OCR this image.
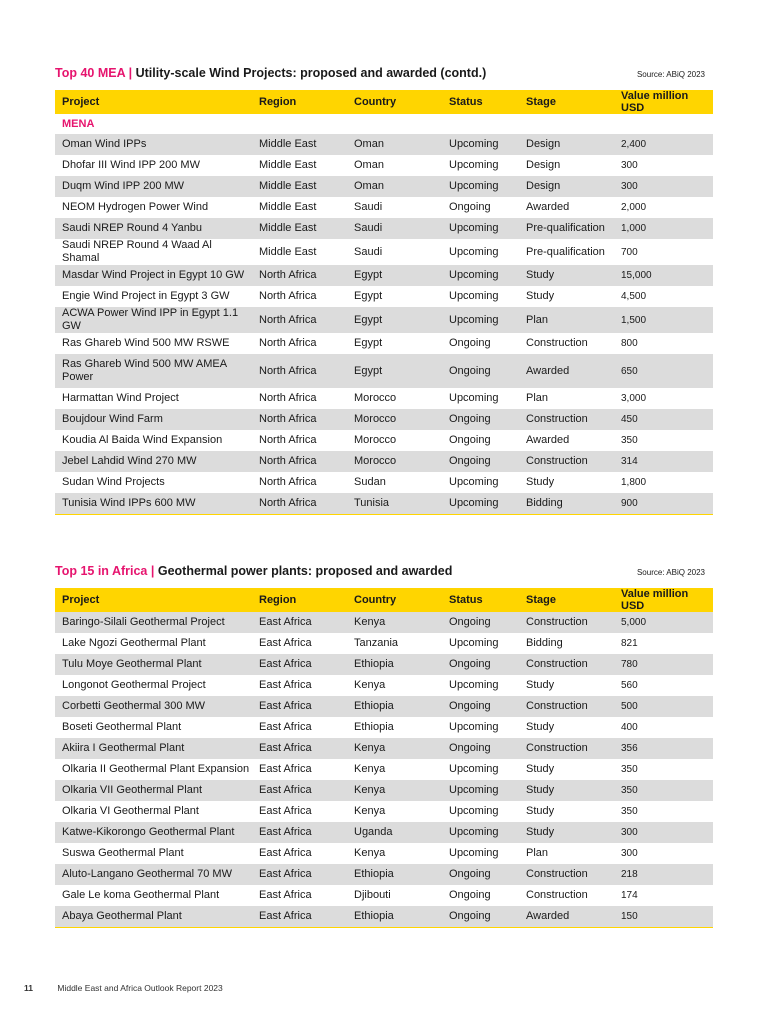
Top 40 MEA | Utility-scale Wind Projects: proposed and awarded (contd.)	Source: ABiQ 2023
Project	Region	Country	Status	Stage	Value million USD
MENA					
Oman Wind IPPs	Middle East	Oman	Upcoming	Design	2,400
Dhofar III Wind IPP 200 MW	Middle East	Oman	Upcoming	Design	300
Duqm Wind IPP 200 MW	Middle East	Oman	Upcoming	Design	300
NEOM Hydrogen Power Wind	Middle East	Saudi	Ongoing	Awarded	2,000
Saudi NREP Round 4 Yanbu	Middle East	Saudi	Upcoming	Pre-qualification	1,000
Saudi NREP Round 4 Waad Al Shamal	Middle East	Saudi	Upcoming	Pre-qualification	700
Masdar Wind Project in Egypt 10 GW	North Africa	Egypt	Upcoming	Study	15,000
Engie Wind Project in Egypt 3 GW	North Africa	Egypt	Upcoming	Study	4,500
ACWA Power Wind IPP in Egypt 1.1 GW	North Africa	Egypt	Upcoming	Plan	1,500
Ras Ghareb Wind 500 MW RSWE	North Africa	Egypt	Ongoing	Construction	800
Ras Ghareb Wind 500 MW AMEA Power	North Africa	Egypt	Ongoing	Awarded	650
Harmattan Wind Project	North Africa	Morocco	Upcoming	Plan	3,000
Boujdour Wind Farm	North Africa	Morocco	Ongoing	Construction	450
Koudia Al Baida Wind Expansion	North Africa	Morocco	Ongoing	Awarded	350
Jebel Lahdid Wind 270 MW	North Africa	Morocco	Ongoing	Construction	314
Sudan Wind Projects	North Africa	Sudan	Upcoming	Study	1,800
Tunisia Wind IPPs 600 MW	North Africa	Tunisia	Upcoming	Bidding	900
Top 15 in Africa | Geothermal power plants: proposed and awarded	Source: ABiQ 2023
Project	Region	Country	Status	Stage	Value million USD
Baringo-Silali Geothermal Project	East Africa	Kenya	Ongoing	Construction	5,000
Lake Ngozi Geothermal Plant	East Africa	Tanzania	Upcoming	Bidding	821
Tulu Moye Geothermal Plant	East Africa	Ethiopia	Ongoing	Construction	780
Longonot Geothermal Project	East Africa	Kenya	Upcoming	Study	560
Corbetti Geothermal 300 MW	East Africa	Ethiopia	Ongoing	Construction	500
Boseti Geothermal Plant	East Africa	Ethiopia	Upcoming	Study	400
Akiira I Geothermal Plant	East Africa	Kenya	Ongoing	Construction	356
Olkaria II Geothermal Plant Expansion	East Africa	Kenya	Upcoming	Study	350
Olkaria VII Geothermal Plant	East Africa	Kenya	Upcoming	Study	350
Olkaria VI Geothermal Plant	East Africa	Kenya	Upcoming	Study	350
Katwe-Kikorongo Geothermal Plant	East Africa	Uganda	Upcoming	Study	300
Suswa Geothermal Plant	East Africa	Kenya	Upcoming	Plan	300
Aluto-Langano Geothermal 70 MW	East Africa	Ethiopia	Ongoing	Construction	218
Gale Le koma Geothermal Plant	East Africa	Djibouti	Ongoing	Construction	174
Abaya Geothermal Plant	East Africa	Ethiopia	Ongoing	Awarded	150
11	Middle East and Africa Outlook Report 2023
